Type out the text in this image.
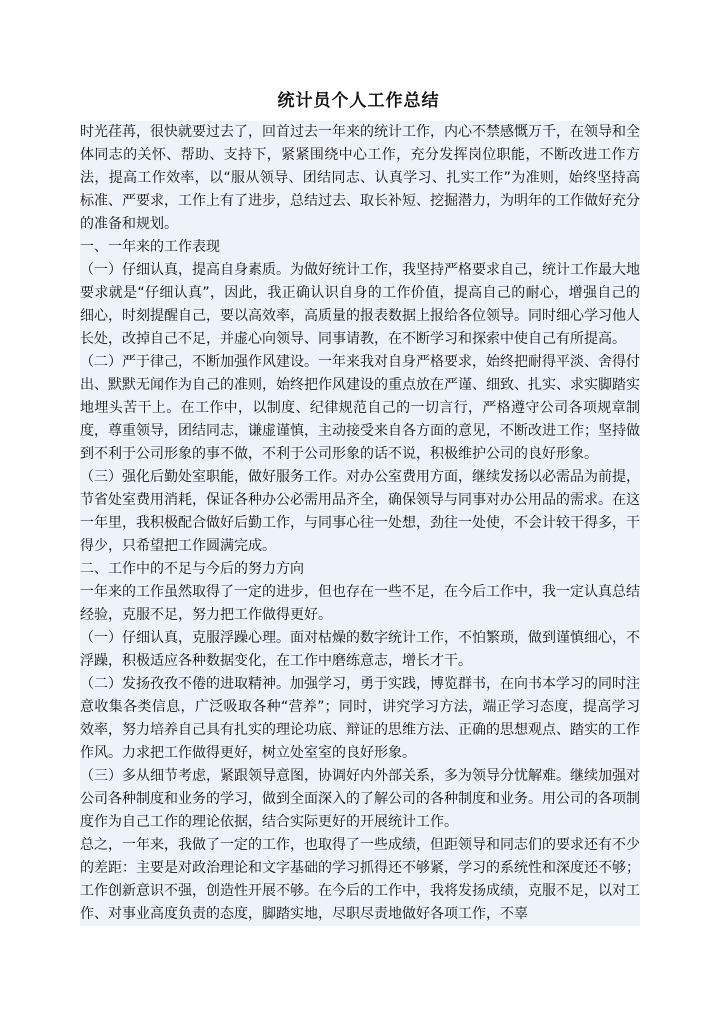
统计员个人工作总结

时光荏苒，很快就要过去了，回首过去一年来的统计工作，内心不禁感慨万千，在领导和全体同志的关怀、帮助、支持下，紧紧围绕中心工作，充分发挥岗位职能，不断改进工作方法，提高工作效率，以“服从领导、团结同志、认真学习、扎实工作”为准则，始终坚持高标准、严要求，工作上有了进步，总结过去、取长补短、挖掘潜力，为明年的工作做好充分的准备和规划。

一、一年来的工作表现

（一）仔细认真，提高自身素质。为做好统计工作，我坚持严格要求自己，统计工作最大地要求就是“仔细认真”，因此，我正确认识自身的工作价值，提高自己的耐心，增强自己的细心，时刻提醒自己，要以高效率，高质量的报表数据上报给各位领导。同时细心学习他人长处，改掉自己不足，并虚心向领导、同事请教，在不断学习和探索中使自己有所提高。

（二）严于律己，不断加强作风建设。一年来我对自身严格要求，始终把耐得平淡、舍得付出、默默无闻作为自己的准则，始终把作风建设的重点放在严谨、细致、扎实、求实脚踏实地埋头苦干上。在工作中，以制度、纪律规范自己的一切言行，严格遵守公司各项规章制度，尊重领导，团结同志，谦虚谨慎，主动接受来自各方面的意见，不断改进工作；坚持做到不利于公司形象的事不做，不利于公司形象的话不说，积极维护公司的良好形象。

（三）强化后勤处室职能，做好服务工作。对办公室费用方面，继续发扬以必需品为前提，节省处室费用消耗，保证各种办公必需用品齐全，确保领导与同事对办公用品的需求。在这一年里，我积极配合做好后勤工作，与同事心往一处想，劲往一处使，不会计较干得多，干得少，只希望把工作圆满完成。

二、工作中的不足与今后的努力方向

一年来的工作虽然取得了一定的进步，但也存在一些不足，在今后工作中，我一定认真总结经验，克服不足，努力把工作做得更好。

（一）仔细认真，克服浮躁心理。面对枯燥的数字统计工作，不怕繁琐，做到谨慎细心，不浮躁，积极适应各种数据变化，在工作中磨练意志，增长才干。

（二）发扬孜孜不倦的进取精神。加强学习，勇于实践，博览群书，在向书本学习的同时注意收集各类信息，广泛吸取各种“营养”；同时，讲究学习方法，端正学习态度，提高学习效率，努力培养自己具有扎实的理论功底、辩证的思维方法、正确的思想观点、踏实的工作作风。力求把工作做得更好，树立处室室的良好形象。

（三）多从细节考虑，紧跟领导意图，协调好内外部关系，多为领导分忧解难。继续加强对公司各种制度和业务的学习，做到全面深入的了解公司的各种制度和业务。用公司的各项制度作为自己工作的理论依据，结合实际更好的开展统计工作。

总之，一年来，我做了一定的工作，也取得了一些成绩，但距领导和同志们的要求还有不少的差距：主要是对政治理论和文字基础的学习抓得还不够紧，学习的系统性和深度还不够；工作创新意识不强，创造性开展不够。在今后的工作中，我将发扬成绩，克服不足，以对工作、对事业高度负责的态度，脚踏实地，尽职尽责地做好各项工作，不辜
